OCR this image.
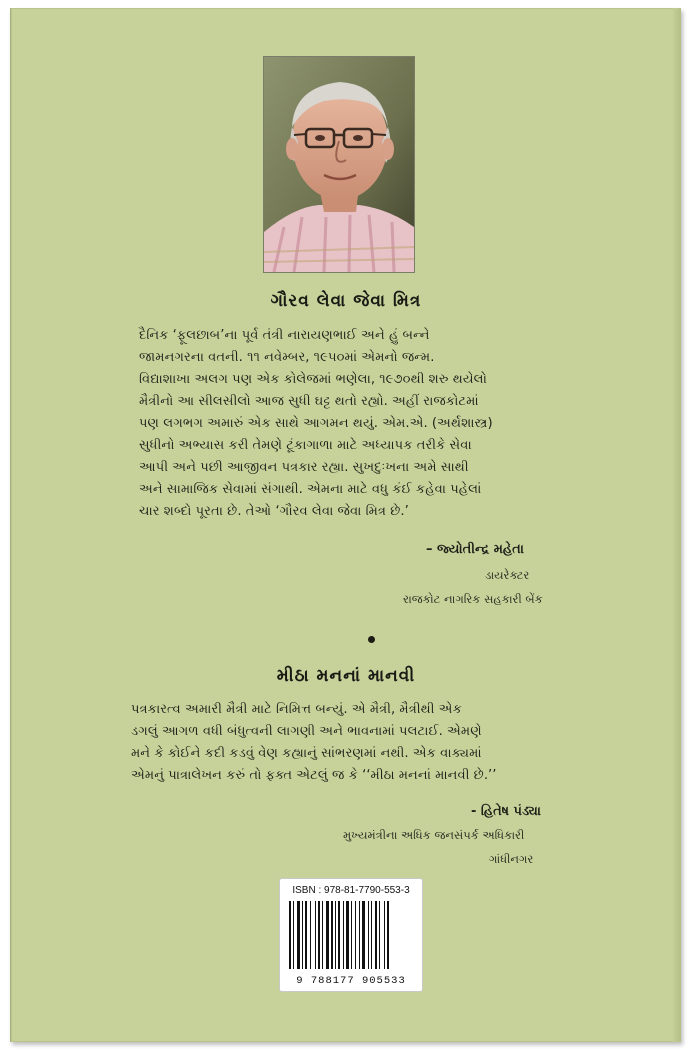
ગૌરવ લેવા જેવા મિત્ર
દૈનિક ‘ફૂલછાબ’ના પૂર્વ તંત્રી નારાયણભાઈ અને હું બન્ને
જામનગરના વતની. ૧૧ નવેમ્બર, ૧૯૫૦માં એમનો જન્મ.
વિદ્યાશાખા અલગ પણ એક કોલેજમાં ભણેલા, ૧૯૭૦થી શરુ થયેલો
મૈત્રીનો આ સીલસીલો આજ સુધી ઘટ્ટ થતો રહ્યો. અહીં રાજકોટમાં
પણ લગભગ અમારું એક સાથે આગમન થયું. એમ.એ. (અર્થશાસ્ત્ર)
સુધીનો અભ્યાસ કરી તેમણે ટૂંકાગાળા માટે અધ્યાપક તરીકે સેવા
આપી અને પછી આજીવન પત્રકાર રહ્યા. સુખદુઃખના અમે સાથી
અને સામાજિક સેવામાં સંગાથી. એમના માટે વધુ કંઈ કહેવા પહેલાં
ચાર શબ્દો પૂરતા છે. તેઓ ‘ગૌરવ લેવા જેવા મિત્ર છે.’
– જ્યોતીન્દ્ર મહેતા
ડાયરેક્ટર
રાજકોટ નાગરિક સહકારી બેંક
મીઠા મનનાં માનવી
પત્રકારત્વ અમારી મૈત્રી માટે નિમિત્ત બન્યું. એ મૈત્રી, મૈત્રીથી એક
ડગલું આગળ વધી બંધુત્વની લાગણી અને ભાવનામાં પલટાઈ. એમણે
મને કે કોઈને કદી કડવું વેણ કહ્યાનું સાંભરણમાં નથી. એક વાક્યમાં
એમનું પાત્રાલેખન કરું તો ફક્ત એટલું જ કે ‘‘મીઠા મનનાં માનવી છે.’’
- હિતેષ પંડ્યા
મુખ્યમંત્રીના અધિક જનસંપર્ક અધિકારી
ગાંધીનગર
ISBN : 978-81-7790-553-3
9 788177 905533
